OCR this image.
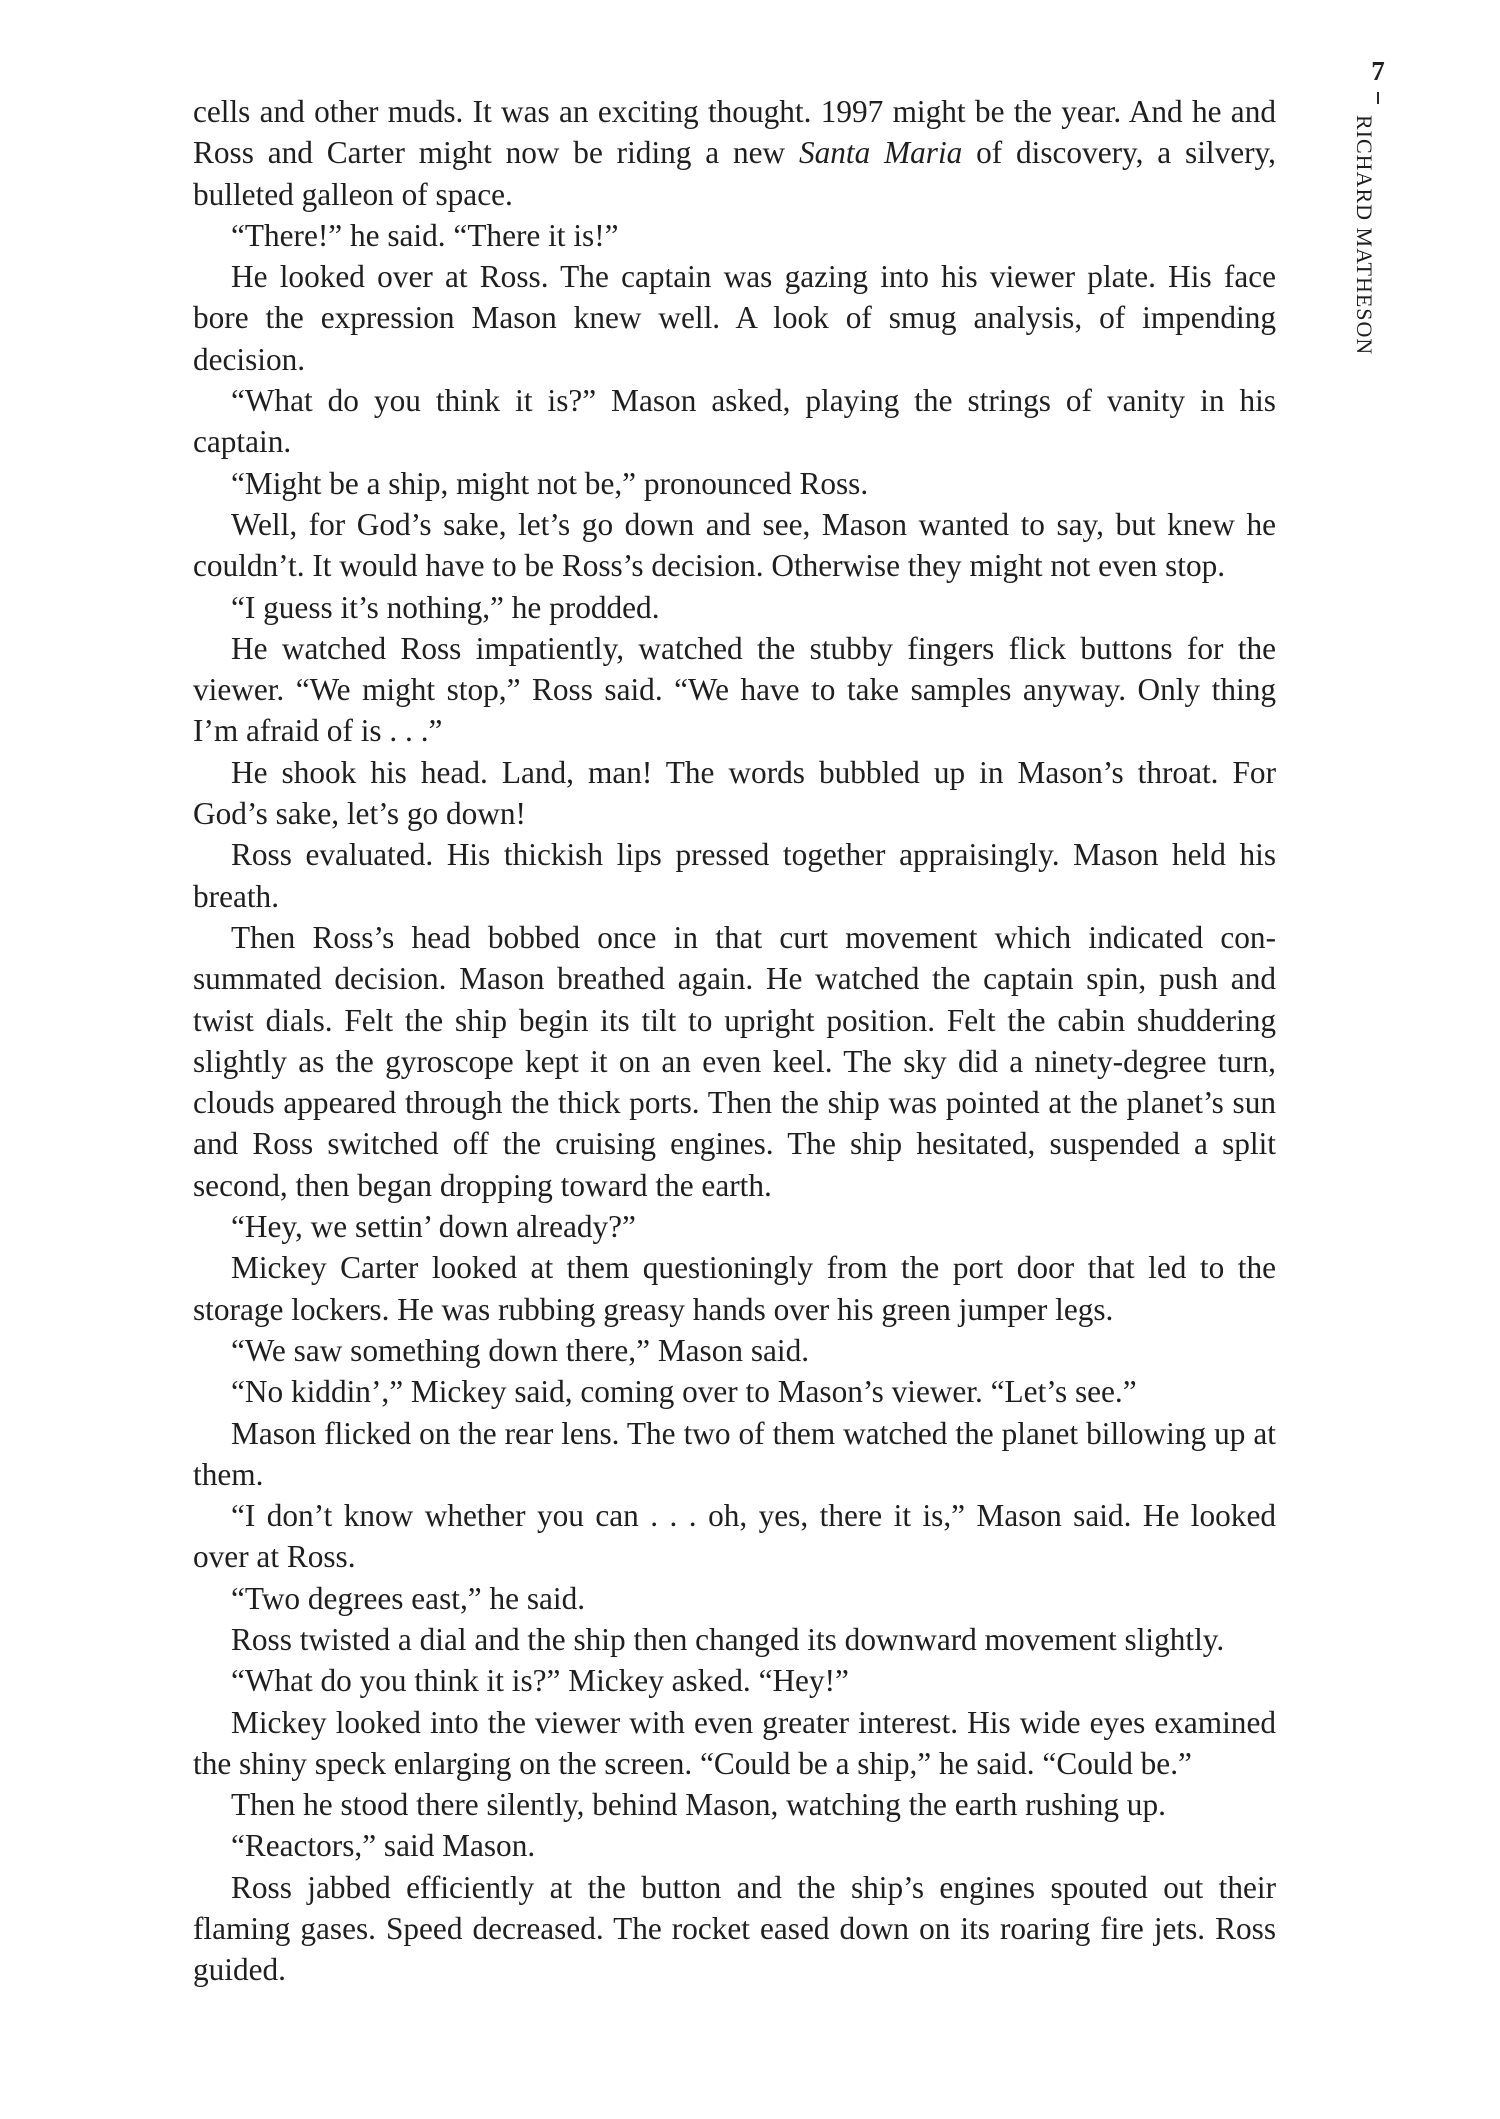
7
RICHARD MATHESON

cells and other muds. It was an exciting thought. 1997 might be the year. And he and Ross and Carter might now be riding a new Santa Maria of discovery, a silvery, bulleted galleon of space.

“There!” he said. “There it is!”

He looked over at Ross. The captain was gazing into his viewer plate. His face bore the expression Mason knew well. A look of smug analysis, of impending decision.

“What do you think it is?” Mason asked, playing the strings of vanity in his captain.

“Might be a ship, might not be,” pronounced Ross.

Well, for God’s sake, let’s go down and see, Mason wanted to say, but knew he couldn’t. It would have to be Ross’s decision. Otherwise they might not even stop.

“I guess it’s nothing,” he prodded.

He watched Ross impatiently, watched the stubby fingers flick buttons for the viewer. “We might stop,” Ross said. “We have to take samples anyway. Only thing I’m afraid of is . . .”

He shook his head. Land, man! The words bubbled up in Mason’s throat. For God’s sake, let’s go down!

Ross evaluated. His thickish lips pressed together appraisingly. Mason held his breath.

Then Ross’s head bobbed once in that curt movement which indicated consummated decision. Mason breathed again. He watched the captain spin, push and twist dials. Felt the ship begin its tilt to upright position. Felt the cabin shuddering slightly as the gyroscope kept it on an even keel. The sky did a ninety-degree turn, clouds appeared through the thick ports. Then the ship was pointed at the planet’s sun and Ross switched off the cruising engines. The ship hesitated, suspended a split second, then began dropping toward the earth.

“Hey, we settin’ down already?”

Mickey Carter looked at them questioningly from the port door that led to the storage lockers. He was rubbing greasy hands over his green jumper legs.

“We saw something down there,” Mason said.

“No kiddin’,” Mickey said, coming over to Mason’s viewer. “Let’s see.”

Mason flicked on the rear lens. The two of them watched the planet billowing up at them.

“I don’t know whether you can . . . oh, yes, there it is,” Mason said. He looked over at Ross.

“Two degrees east,” he said.

Ross twisted a dial and the ship then changed its downward movement slightly.

“What do you think it is?” Mickey asked. “Hey!”

Mickey looked into the viewer with even greater interest. His wide eyes examined the shiny speck enlarging on the screen. “Could be a ship,” he said. “Could be.”

Then he stood there silently, behind Mason, watching the earth rushing up.

“Reactors,” said Mason.

Ross jabbed efficiently at the button and the ship’s engines spouted out their flaming gases. Speed decreased. The rocket eased down on its roaring fire jets. Ross guided.
